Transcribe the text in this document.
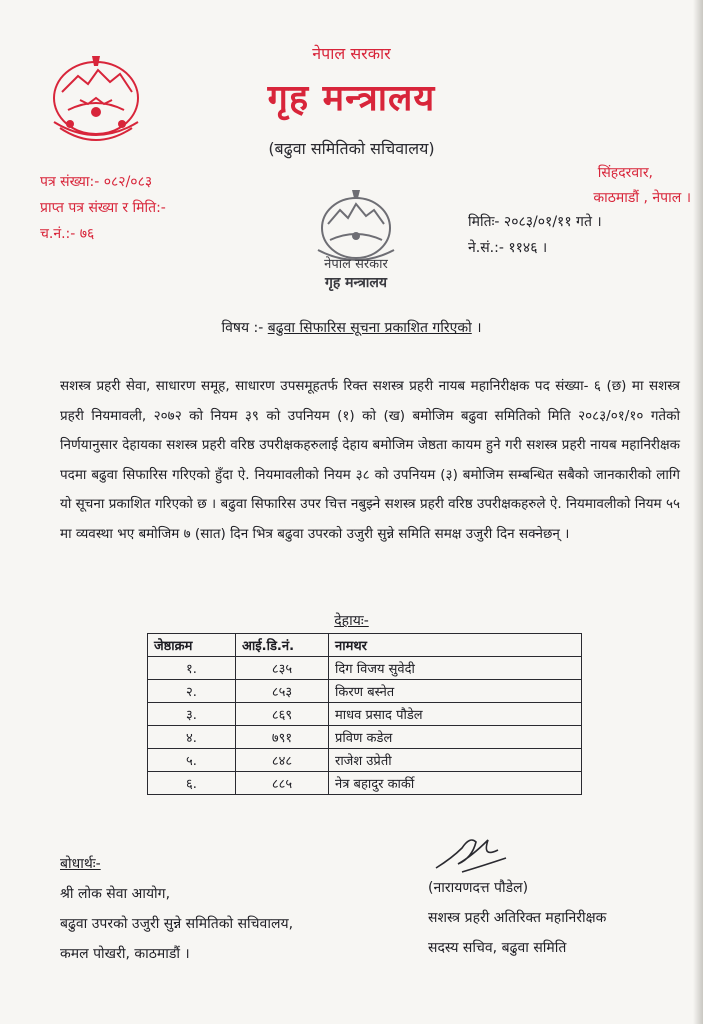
नेपाल सरकार
गृह मन्त्रालय
नेपाल सरकार
गृह मन्त्रालय
(बढुवा समितिको सचिवालय)
पत्र संख्या:- ०८२/०८३
प्राप्त पत्र संख्या र मिति:-
च.नं.:- ७६
सिंहदरवार,
काठमाडौं , नेपाल ।
मितिः- २०८३/०१/११ गते ।
ने.सं.:- ११४६ ।
विषय :- बढुवा सिफारिस सूचना प्रकाशित गरिएको ।
सशस्त्र प्रहरी सेवा, साधारण समूह, साधारण उपसमूहतर्फ रिक्त सशस्त्र प्रहरी नायब महानिरीक्षक पद संख्या- ६ (छ) मा सशस्त्र प्रहरी नियमावली, २०७२ को नियम ३९ को उपनियम (१) को (ख) बमोजिम बढुवा समितिको मिति २०८३/०१/१० गतेको निर्णयानुसार देहायका सशस्त्र प्रहरी वरिष्ठ उपरीक्षकहरुलाई देहाय बमोजिम जेष्ठता कायम हुने गरी सशस्त्र प्रहरी नायब महानिरीक्षक पदमा बढुवा सिफारिस गरिएको हुँदा ऐ. नियमावलीको नियम ३८ को उपनियम (३) बमोजिम सम्बन्धित सबैको जानकारीको लागि यो सूचना प्रकाशित गरिएको छ । बढुवा सिफारिस उपर चित्त नबुझ्ने सशस्त्र प्रहरी वरिष्ठ उपरीक्षकहरुले ऐ. नियमावलीको नियम ५५ मा व्यवस्था भए बमोजिम ७ (सात) दिन भित्र बढुवा उपरको उजुरी सुन्ने समिति समक्ष उजुरी दिन सक्नेछन् ।
देहायः-
जेष्ठाक्रम	आई.डि.नं.	नामथर
१.	८३५	दिग विजय सुवेदी
२.	८५३	किरण बस्नेत
३.	८६९	माधव प्रसाद पौडेल
४.	७९१	प्रविण कडेल
५.	८४८	राजेश उप्रेती
६.	८८५	नेत्र बहादुर कार्की
बोधार्थः-
श्री लोक सेवा आयोग,
बढुवा उपरको उजुरी सुन्ने समितिको सचिवालय,
कमल पोखरी, काठमाडौं ।
(नारायणदत्त पौडेल)
सशस्त्र प्रहरी अतिरिक्त महानिरीक्षक
सदस्य सचिव, बढुवा समिति
